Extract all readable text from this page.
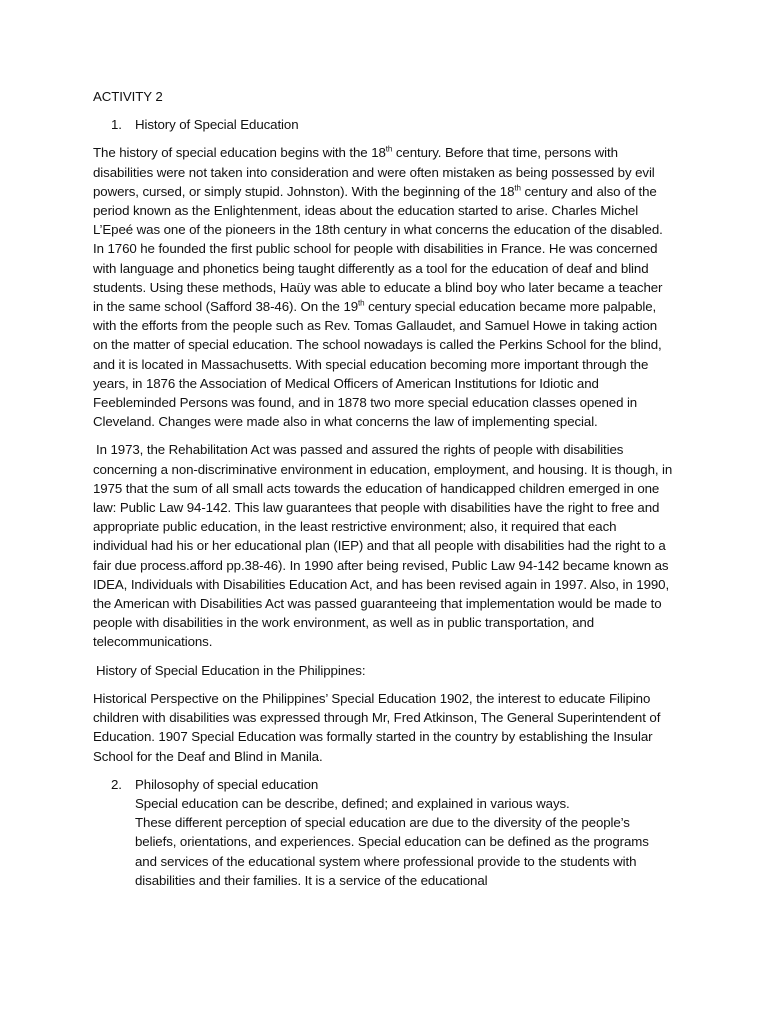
ACTIVITY 2
1. History of Special Education

The history of special education begins with the 18th century. Before that time, persons with disabilities were not taken into consideration and were often mistaken as being possessed by evil powers, cursed, or simply stupid. Johnston). With the beginning of the 18th century and also of the period known as the Enlightenment, ideas about the education started to arise. Charles Michel L’Epeé was one of the pioneers in the 18th century in what concerns the education of the disabled. In 1760 he founded the first public school for people with disabilities in France. He was concerned with language and phonetics being taught differently as a tool for the education of deaf and blind students. Using these methods, Haüy was able to educate a blind boy who later became a teacher in the same school (Safford 38-46). On the 19th century special education became more palpable, with the efforts from the people such as Rev. Tomas Gallaudet, and Samuel Howe in taking action on the matter of special education. The school nowadays is called the Perkins School for the blind, and it is located in Massachusetts. With special education becoming more important through the years, in 1876 the Association of Medical Officers of American Institutions for Idiotic and Feebleminded Persons was found, and in 1878 two more special education classes opened in Cleveland. Changes were made also in what concerns the law of implementing special.

In 1973, the Rehabilitation Act was passed and assured the rights of people with disabilities concerning a non-discriminative environment in education, employment, and housing. It is though, in 1975 that the sum of all small acts towards the education of handicapped children emerged in one law: Public Law 94-142. This law guarantees that people with disabilities have the right to free and appropriate public education, in the least restrictive environment; also, it required that each individual had his or her educational plan (IEP) and that all people with disabilities had the right to a fair due process.afford pp.38-46). In 1990 after being revised, Public Law 94-142 became known as IDEA, Individuals with Disabilities Education Act, and has been revised again in 1997. Also, in 1990, the American with Disabilities Act was passed guaranteeing that implementation would be made to people with disabilities in the work environment, as well as in public transportation, and telecommunications.

History of Special Education in the Philippines:

Historical Perspective on the Philippines’ Special Education 1902, the interest to educate Filipino children with disabilities was expressed through Mr, Fred Atkinson, The General Superintendent of Education. 1907 Special Education was formally started in the country by establishing the Insular School for the Deaf and Blind in Manila.

2. Philosophy of special education
Special education can be describe, defined; and explained in various ways.
These different perception of special education are due to the diversity of the people’s beliefs, orientations, and experiences. Special education can be defined as the programs and services of the educational system where professional provide to the students with disabilities and their families. It is a service of the educational
